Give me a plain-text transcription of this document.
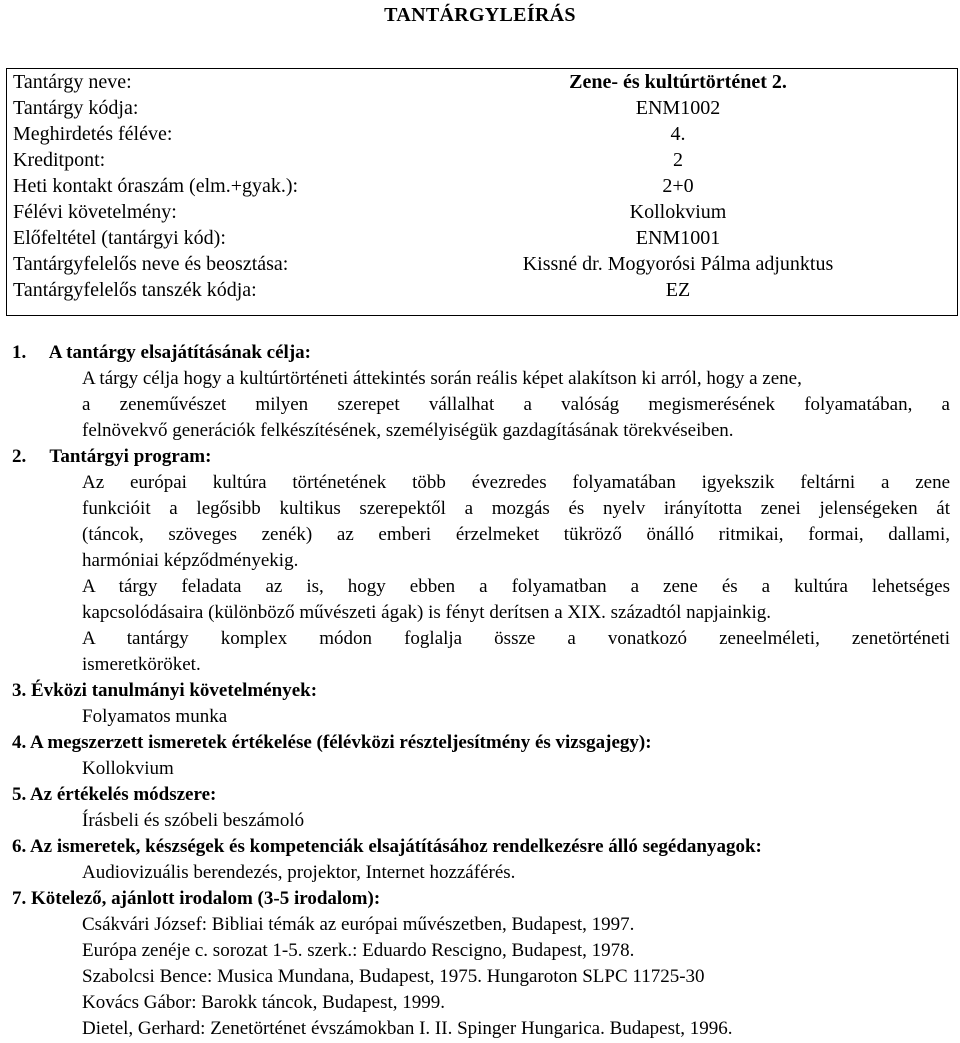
TANTÁRGYLEÍRÁS
Tantárgy neve:	Zene- és kultúrtörténet 2.
Tantárgy kódja:	ENM1002
Meghirdetés féléve:	4.
Kreditpont:	2
Heti kontakt óraszám (elm.+gyak.):	2+0
Félévi követelmény:	Kollokvium
Előfeltétel (tantárgyi kód):	ENM1001
Tantárgyfelelős neve és beosztása:	Kissné dr. Mogyorósi Pálma adjunktus
Tantárgyfelelős tanszék kódja:	EZ
1. A tantárgy elsajátításának célja:
A tárgy célja hogy a kultúrtörténeti áttekintés során reális képet alakítson ki arról, hogy a zene,
a zeneművészet milyen szerepet vállalhat a valóság megismerésének folyamatában, a
felnövekvő generációk felkészítésének, személyiségük gazdagításának törekvéseiben.
2. Tantárgyi program:
Az európai kultúra történetének több évezredes folyamatában igyekszik feltárni a zene
funkcióit a legősibb kultikus szerepektől a mozgás és nyelv irányította zenei jelenségeken át
(táncok, szöveges zenék) az emberi érzelmeket tükröző önálló ritmikai, formai, dallami,
harmóniai képződményekig.
A tárgy feladata az is, hogy ebben a folyamatban a zene és a kultúra lehetséges
kapcsolódásaira (különböző művészeti ágak) is fényt derítsen a XIX. századtól napjainkig.
A tantárgy komplex módon foglalja össze a vonatkozó zeneelméleti, zenetörténeti
ismeretköröket.
3. Évközi tanulmányi követelmények:
Folyamatos munka
4. A megszerzett ismeretek értékelése (félévközi részteljesítmény és vizsgajegy):
Kollokvium
5. Az értékelés módszere:
Írásbeli és szóbeli beszámoló
6. Az ismeretek, készségek és kompetenciák elsajátításához rendelkezésre álló segédanyagok:
Audiovizuális berendezés, projektor, Internet hozzáférés.
7. Kötelező, ajánlott irodalom (3-5 irodalom):
Csákvári József: Bibliai témák az európai művészetben, Budapest, 1997.
Európa zenéje c. sorozat 1-5. szerk.: Eduardo Rescigno, Budapest, 1978.
Szabolcsi Bence: Musica Mundana, Budapest, 1975. Hungaroton SLPC 11725-30
Kovács Gábor: Barokk táncok, Budapest, 1999.
Dietel, Gerhard: Zenetörténet évszámokban I. II. Spinger Hungarica. Budapest, 1996.
